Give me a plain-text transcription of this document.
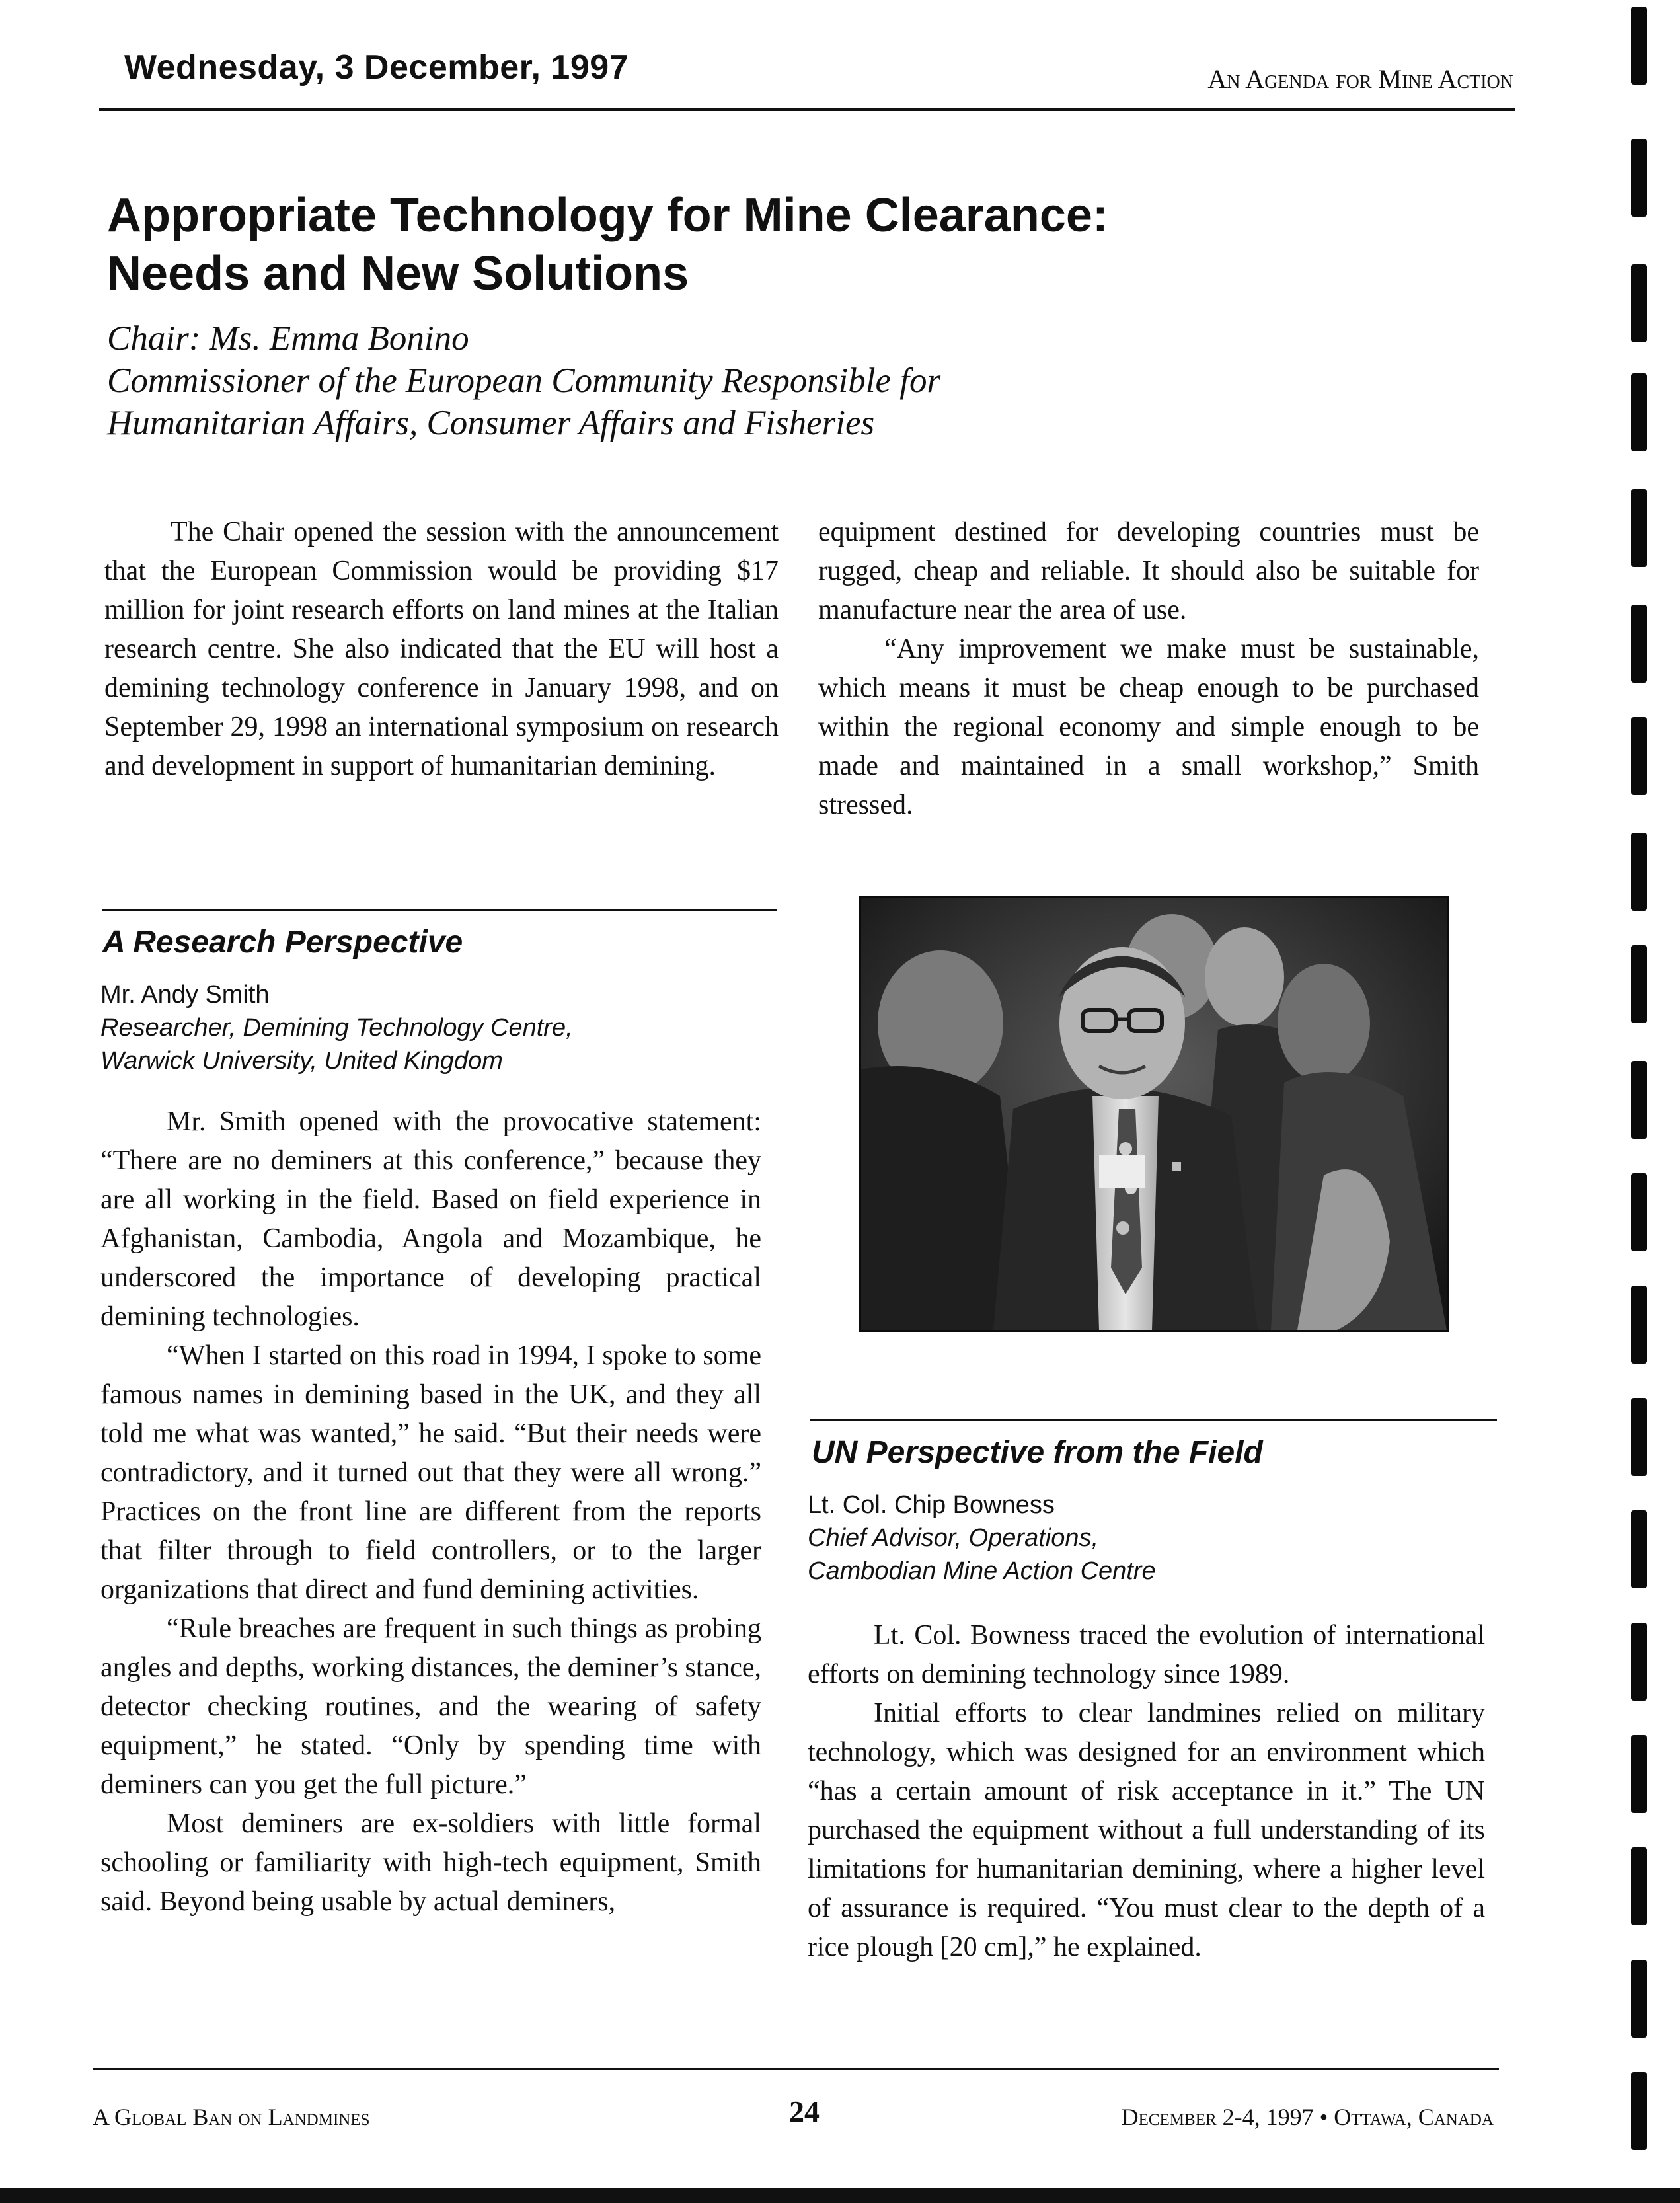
Wednesday, 3 December, 1997	An Agenda for Mine Action
Appropriate Technology for Mine Clearance:
Needs and New Solutions
Chair: Ms. Emma Bonino
Commissioner of the European Community Responsible for
Humanitarian Affairs, Consumer Affairs and Fisheries

The Chair opened the session with the announcement that the European Commission would be providing $17 million for joint research efforts on land mines at the Italian research centre. She also indicated that the EU will host a demining technology conference in January 1998, and on September 29, 1998 an international symposium on research and development in support of humanitarian demining.

equipment destined for developing countries must be rugged, cheap and reliable. It should also be suitable for manufacture near the area of use.

“Any improvement we make must be sustainable, which means it must be cheap enough to be purchased within the regional economy and simple enough to be made and maintained in a small workshop,” Smith stressed.

A Research Perspective
Mr. Andy Smith
Researcher, Demining Technology Centre,
Warwick University, United Kingdom

Mr. Smith opened with the provocative statement: “There are no deminers at this conference,” because they are all working in the field. Based on field experience in Afghanistan, Cambodia, Angola and Mozambique, he underscored the importance of developing practical demining technologies.

“When I started on this road in 1994, I spoke to some famous names in demining based in the UK, and they all told me what was wanted,” he said. “But their needs were contradictory, and it turned out that they were all wrong.” Practices on the front line are different from the reports that filter through to field controllers, or to the larger organizations that direct and fund demining activities.

“Rule breaches are frequent in such things as probing angles and depths, working distances, the deminer’s stance, detector checking routines, and the wearing of safety equipment,” he stated. “Only by spending time with deminers can you get the full picture.”

Most deminers are ex-soldiers with little formal schooling or familiarity with high-tech equipment, Smith said. Beyond being usable by actual deminers,

UN Perspective from the Field
Lt. Col. Chip Bowness
Chief Advisor, Operations,
Cambodian Mine Action Centre

Lt. Col. Bowness traced the evolution of international efforts on demining technology since 1989.

Initial efforts to clear landmines relied on military technology, which was designed for an environment which “has a certain amount of risk acceptance in it.” The UN purchased the equipment without a full understanding of its limitations for humanitarian demining, where a higher level of assurance is required. “You must clear to the depth of a rice plough [20 cm],” he explained.

A Global Ban on Landmines	24	December 2-4, 1997 • Ottawa, Canada
